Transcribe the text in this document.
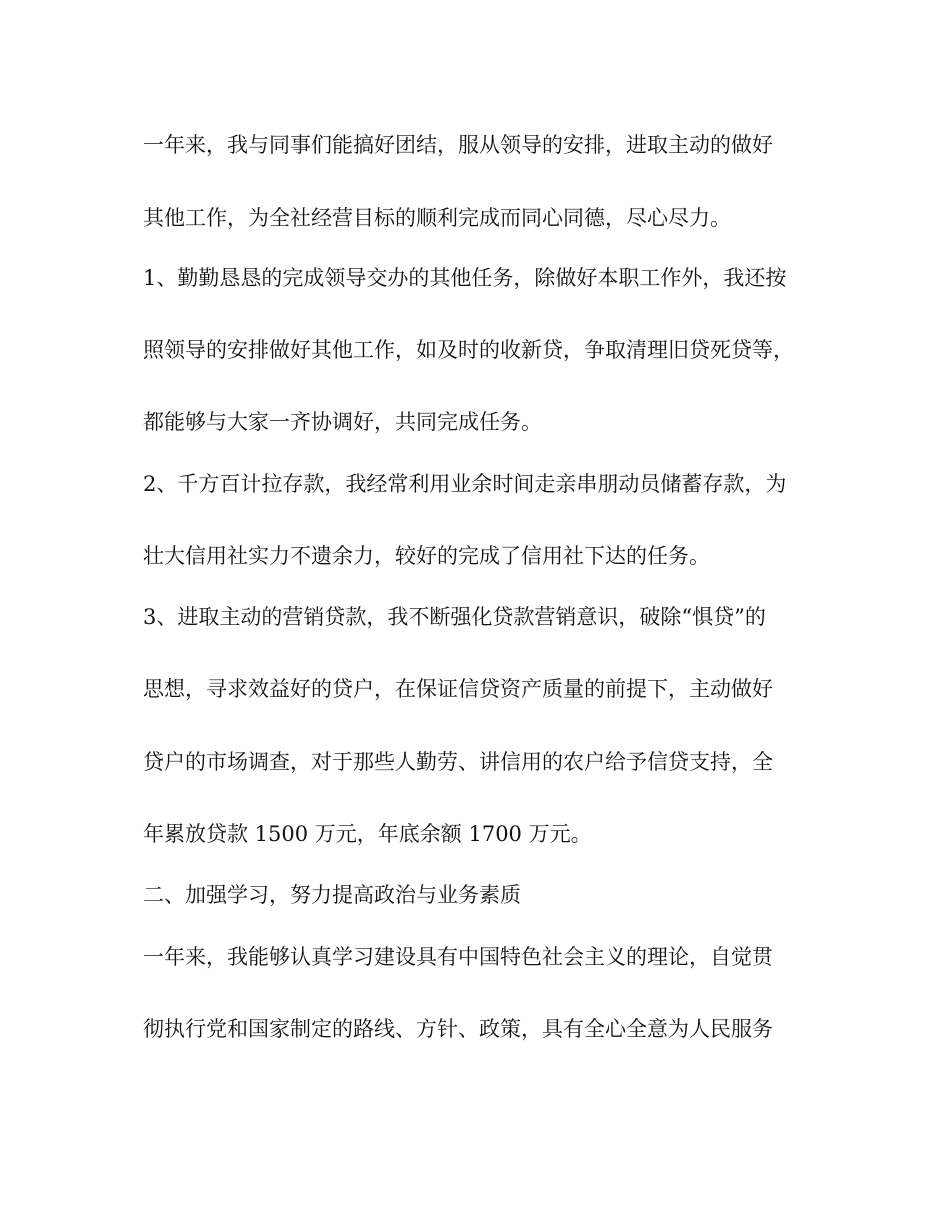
一年来，我与同事们能搞好团结，服从领导的安排，进取主动的做好

其他工作，为全社经营目标的顺利完成而同心同德，尽心尽力。

1、勤勤恳恳的完成领导交办的其他任务，除做好本职工作外，我还按

照领导的安排做好其他工作，如及时的收新贷，争取清理旧贷死贷等，

都能够与大家一齐协调好，共同完成任务。

2、千方百计拉存款，我经常利用业余时间走亲串朋动员储蓄存款，为

壮大信用社实力不遗余力，较好的完成了信用社下达的任务。

3、进取主动的营销贷款，我不断强化贷款营销意识，破除“惧贷”的

思想，寻求效益好的贷户，在保证信贷资产质量的前提下，主动做好

贷户的市场调查，对于那些人勤劳、讲信用的农户给予信贷支持，全

年累放贷款 1500 万元，年底余额 1700 万元。

二、加强学习，努力提高政治与业务素质

一年来，我能够认真学习建设具有中国特色社会主义的理论，自觉贯

彻执行党和国家制定的路线、方针、政策，具有全心全意为人民服务
